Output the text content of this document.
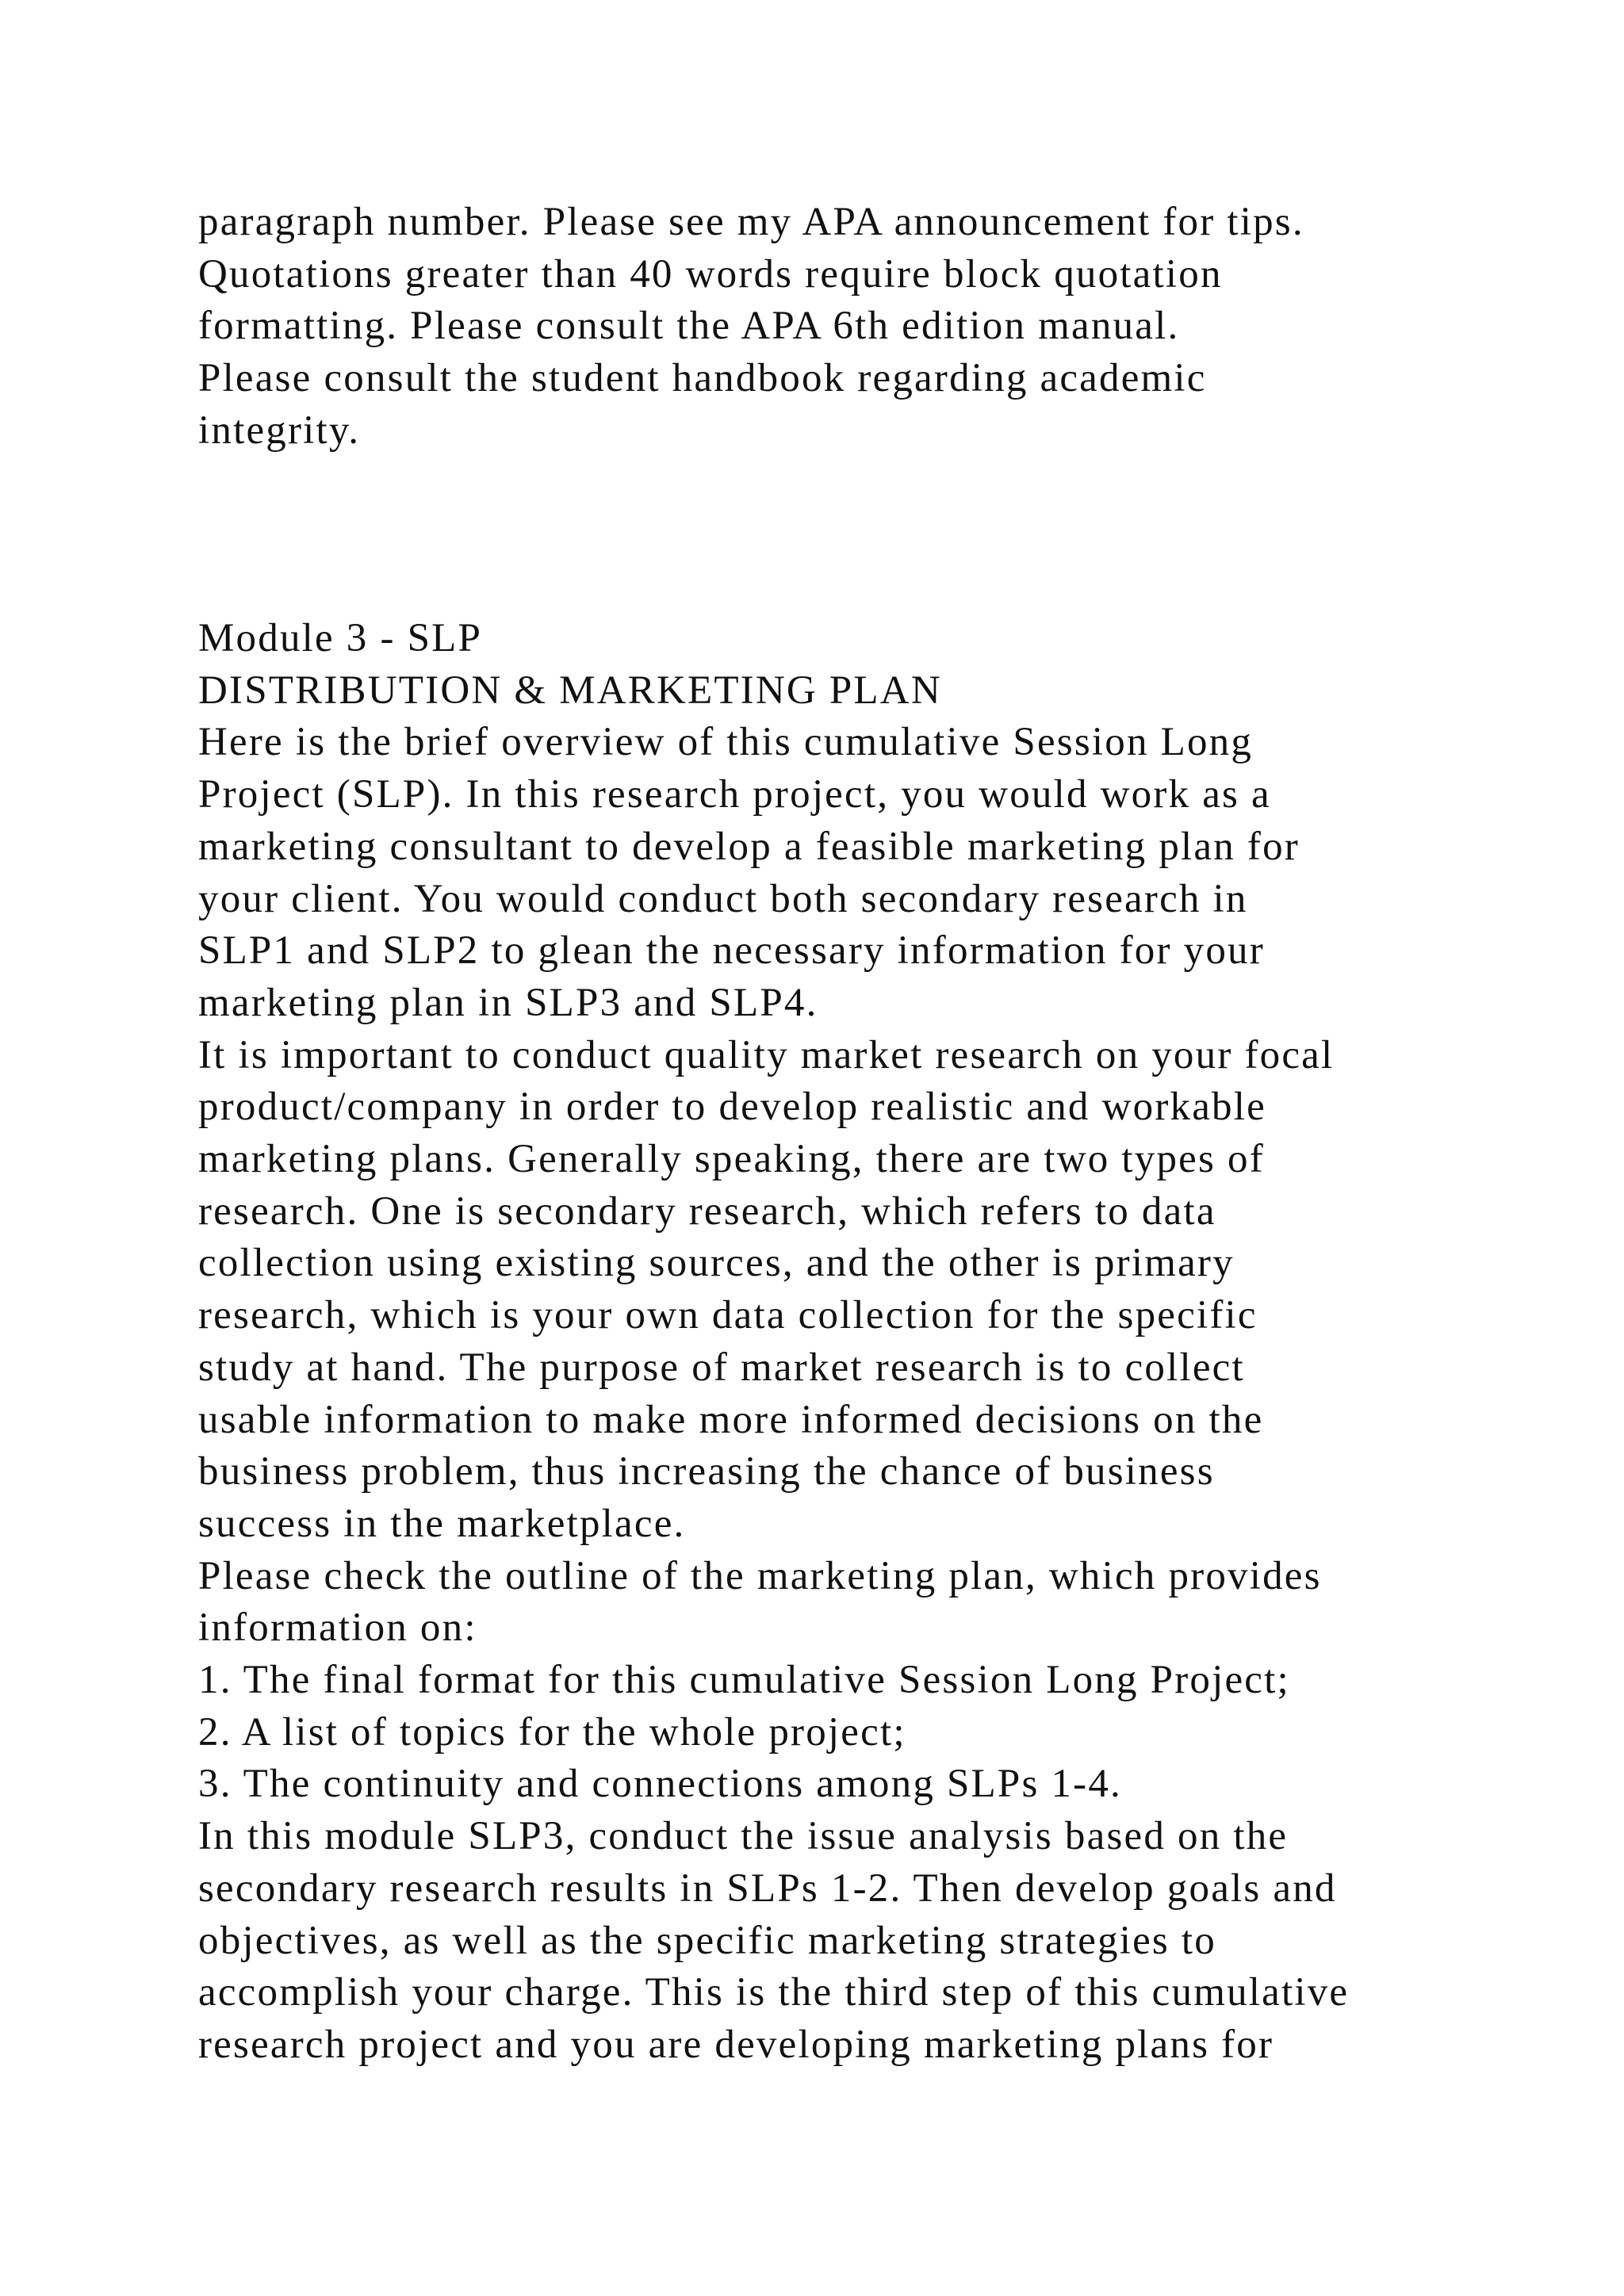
paragraph number. Please see my APA announcement for tips.
Quotations greater than 40 words require block quotation
formatting. Please consult the APA 6th edition manual.
Please consult the student handbook regarding academic
integrity.
Module 3 - SLP
DISTRIBUTION & MARKETING PLAN
Here is the brief overview of this cumulative Session Long
Project (SLP). In this research project, you would work as a
marketing consultant to develop a feasible marketing plan for
your client. You would conduct both secondary research in
SLP1 and SLP2 to glean the necessary information for your
marketing plan in SLP3 and SLP4.
It is important to conduct quality market research on your focal
product/company in order to develop realistic and workable
marketing plans. Generally speaking, there are two types of
research. One is secondary research, which refers to data
collection using existing sources, and the other is primary
research, which is your own data collection for the specific
study at hand. The purpose of market research is to collect
usable information to make more informed decisions on the
business problem, thus increasing the chance of business
success in the marketplace.
Please check the outline of the marketing plan, which provides
information on:
1. The final format for this cumulative Session Long Project;
2. A list of topics for the whole project;
3. The continuity and connections among SLPs 1-4.
In this module SLP3, conduct the issue analysis based on the
secondary research results in SLPs 1-2. Then develop goals and
objectives, as well as the specific marketing strategies to
accomplish your charge. This is the third step of this cumulative
research project and you are developing marketing plans for
